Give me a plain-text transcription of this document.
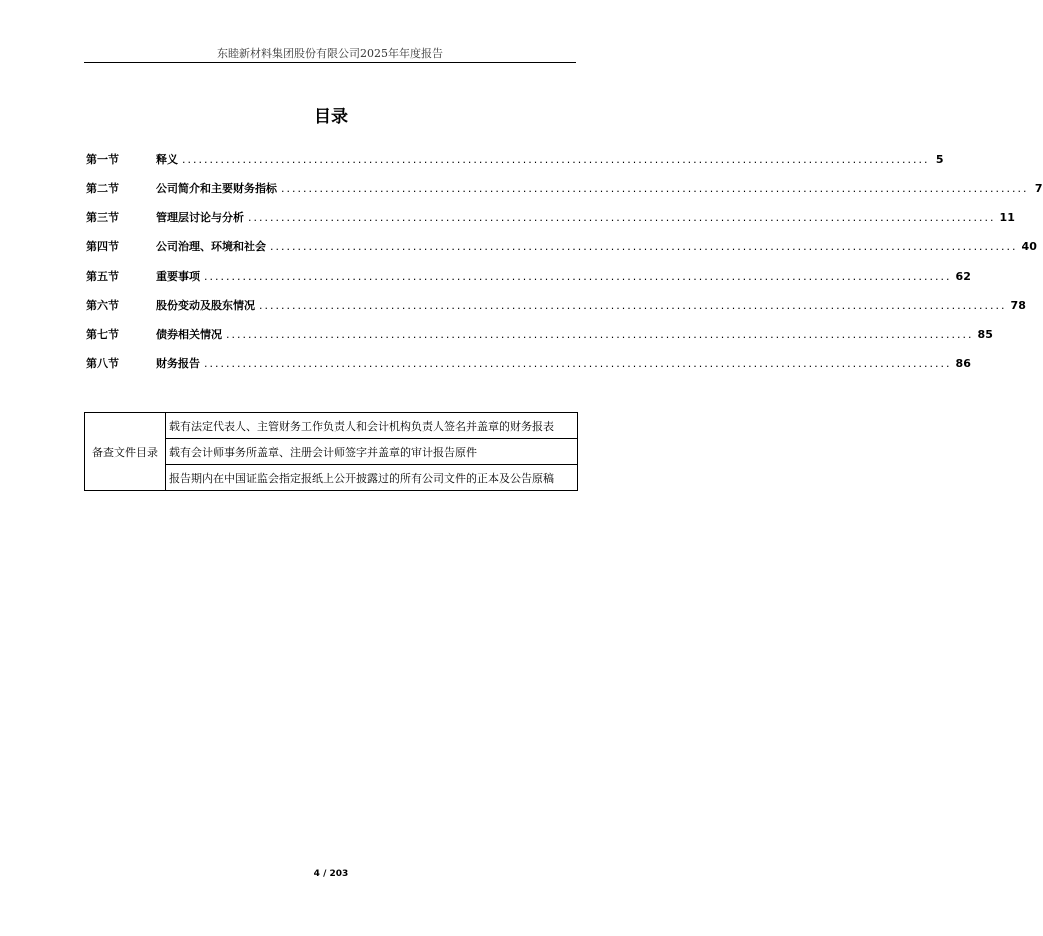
东睦新材料集团股份有限公司2025年年度报告
目录
第一节	释义 ........................................................................................................................................ 5
第二节	公司简介和主要财务指标 ........................................................................................................................................ 7
第三节	管理层讨论与分析 ........................................................................................................................................ 11
第四节	公司治理、环境和社会 ........................................................................................................................................ 40
第五节	重要事项 ........................................................................................................................................ 62
第六节	股份变动及股东情况 ........................................................................................................................................ 78
第七节	债券相关情况 ........................................................................................................................................ 85
第八节	财务报告 ........................................................................................................................................ 86
备查文件目录	载有法定代表人、主管财务工作负责人和会计机构负责人签名并盖章的财务报表
载有会计师事务所盖章、注册会计师签字并盖章的审计报告原件
报告期内在中国证监会指定报纸上公开披露过的所有公司文件的正本及公告原稿
4 / 203
